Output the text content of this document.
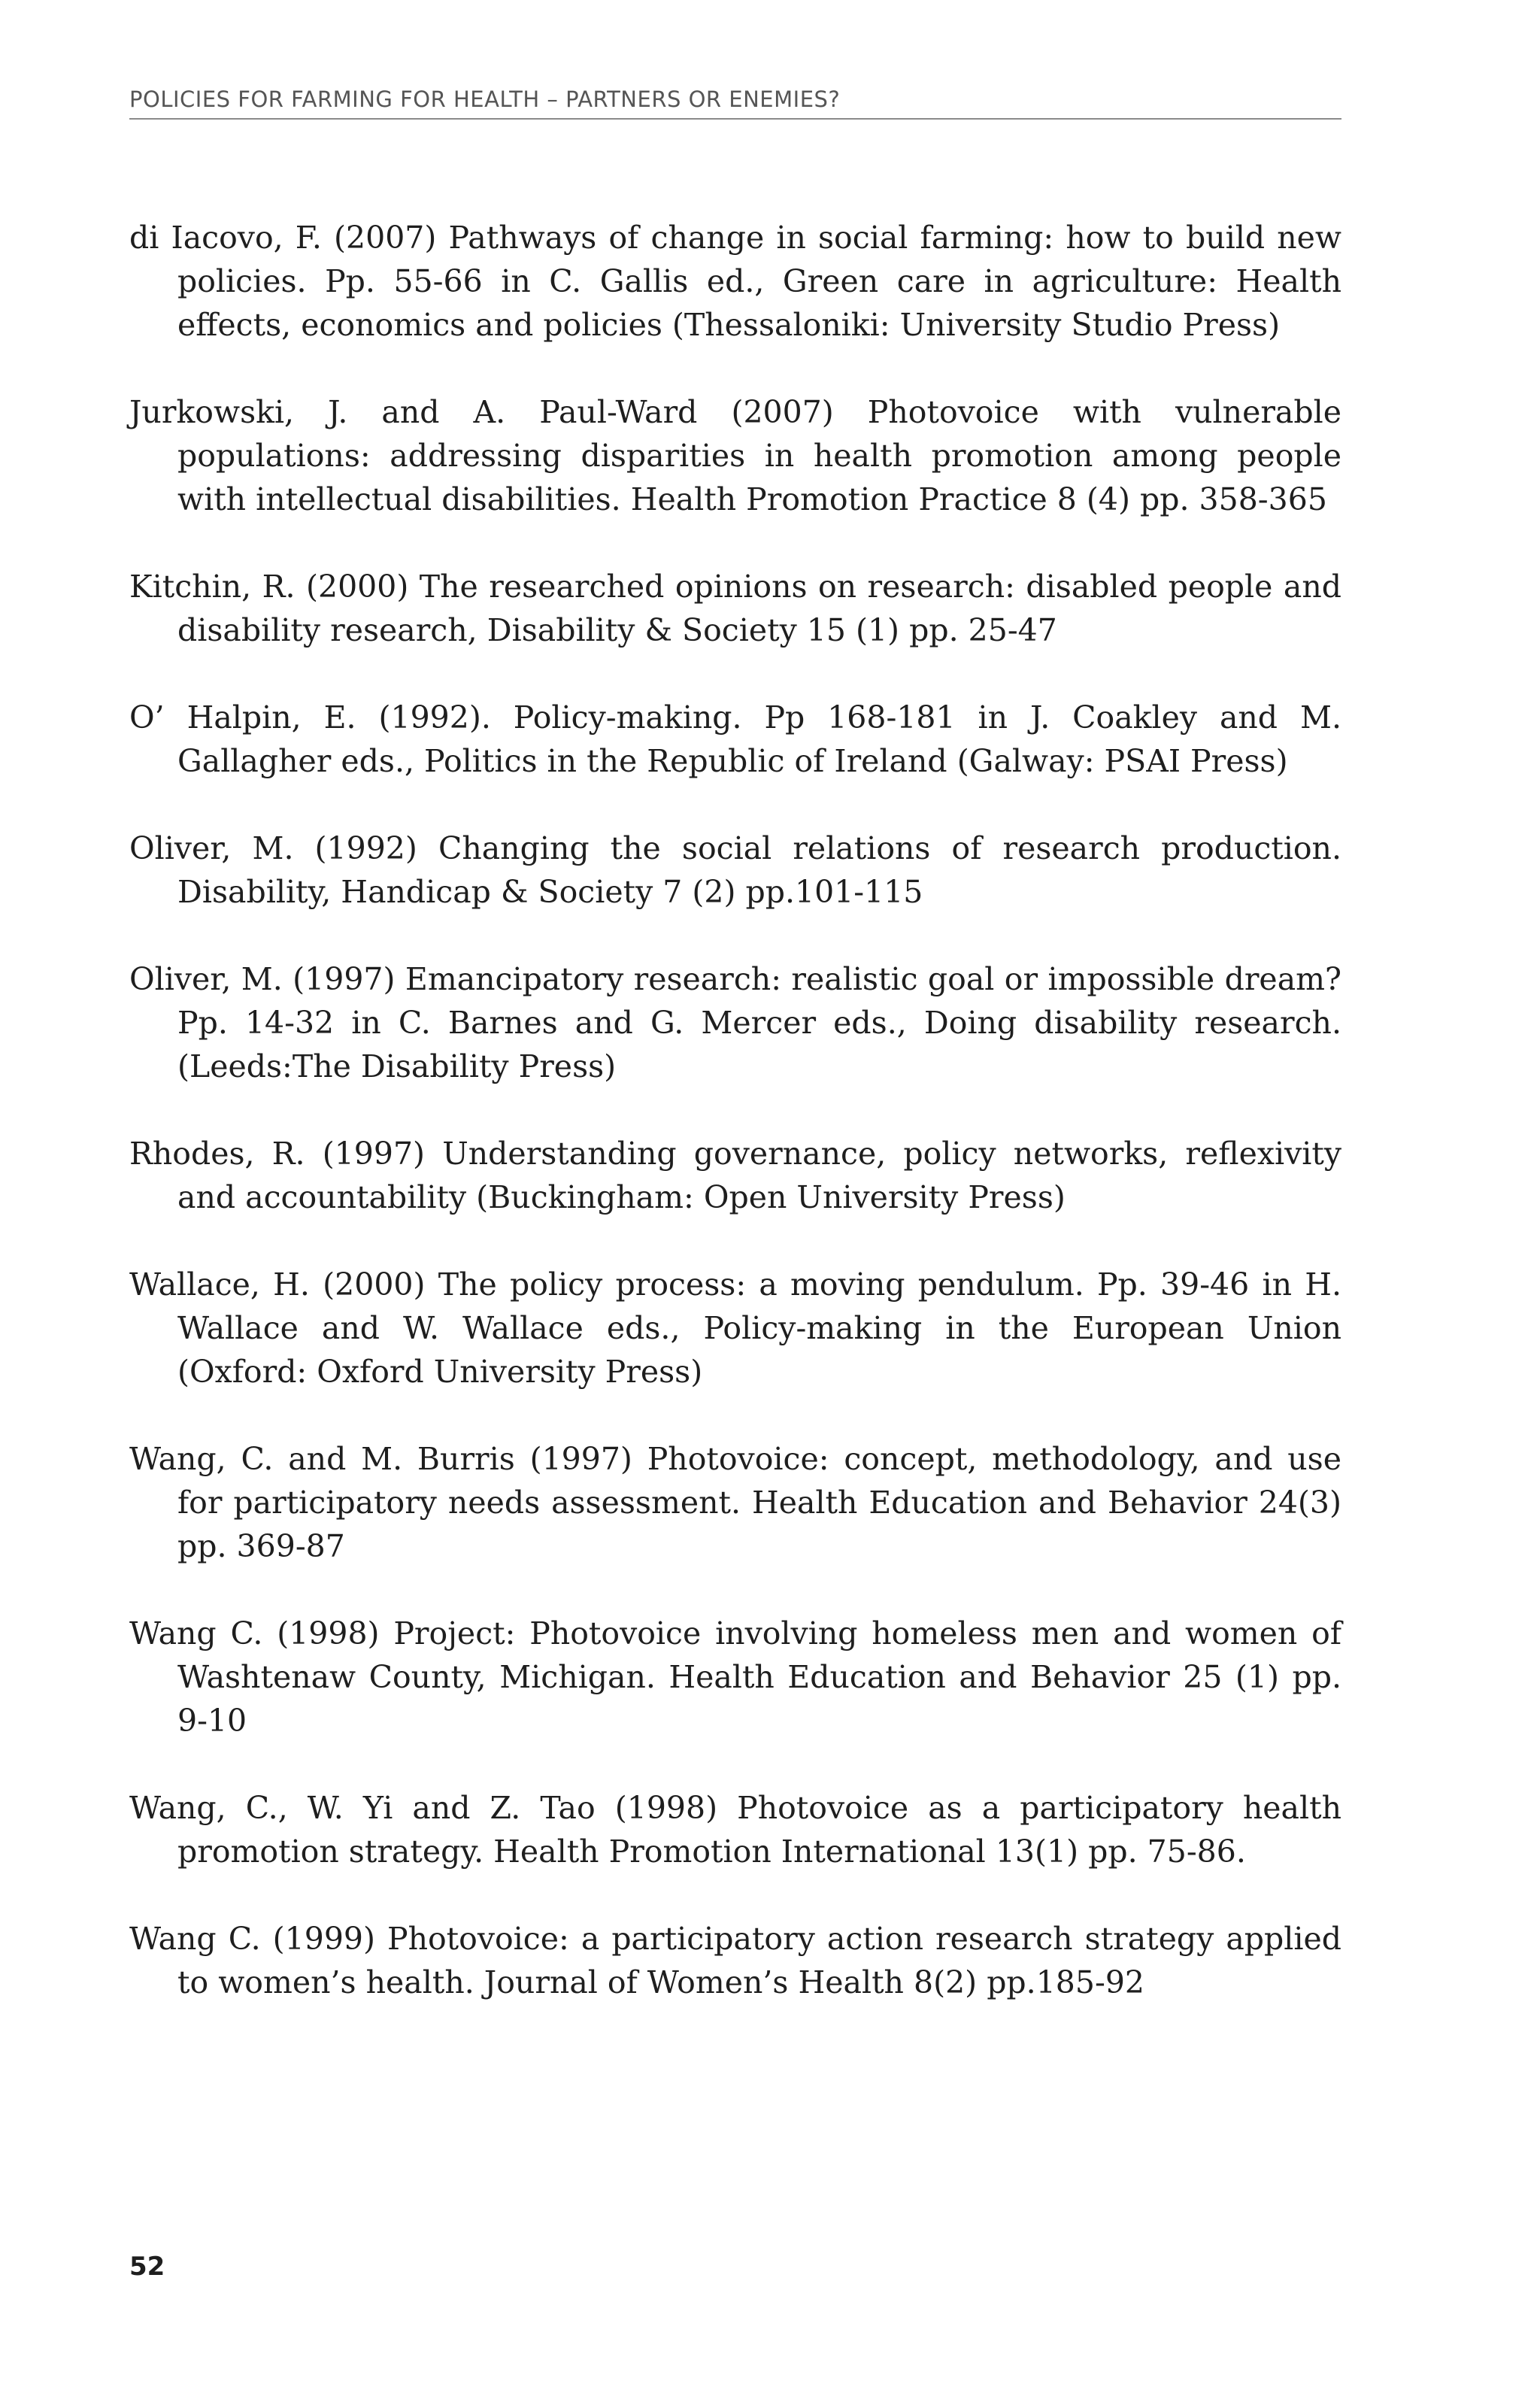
POLICIES FOR FARMING FOR HEALTH – PARTNERS OR ENEMIES?
di Iacovo, F. (2007) Pathways of change in social farming: how to build new policies. Pp. 55-66 in C. Gallis ed., Green care in agriculture: Health effects, economics and policies (Thessaloniki: University Studio Press)
Jurkowski, J. and A. Paul-Ward (2007) Photovoice with vulnerable populations: addressing disparities in health promotion among people with intellectual disabilities. Health Promotion Practice 8 (4) pp. 358-365
Kitchin, R. (2000) The researched opinions on research: disabled people and disability research, Disability & Society 15 (1) pp. 25-47
O’ Halpin, E. (1992). Policy-making. Pp 168-181 in J. Coakley and M. Gallagher eds., Politics in the Republic of Ireland (Galway: PSAI Press)
Oliver, M. (1992) Changing the social relations of research production. Disability, Handicap & Society 7 (2) pp.101-115
Oliver, M. (1997) Emancipatory research: realistic goal or impossible dream? Pp. 14-32 in C. Barnes and G. Mercer eds., Doing disability research. (Leeds:The Disability Press)
Rhodes, R. (1997) Understanding governance, policy networks, reflexivity and accountability (Buckingham: Open University Press)
Wallace, H. (2000) The policy process: a moving pendulum. Pp. 39-46 in H. Wallace and W. Wallace eds., Policy-making in the European Union (Oxford: Oxford University Press)
Wang, C. and M. Burris (1997) Photovoice: concept, methodology, and use for participatory needs assessment. Health Education and Behavior 24(3) pp. 369-87
Wang C. (1998) Project: Photovoice involving homeless men and women of Washtenaw County, Michigan. Health Education and Behavior 25 (1) pp. 9-10
Wang, C., W. Yi and Z. Tao (1998) Photovoice as a participatory health promotion strategy. Health Promotion International 13(1) pp. 75-86.
Wang C. (1999) Photovoice: a participatory action research strategy applied to women’s health. Journal of Women’s Health 8(2) pp.185-92
52
